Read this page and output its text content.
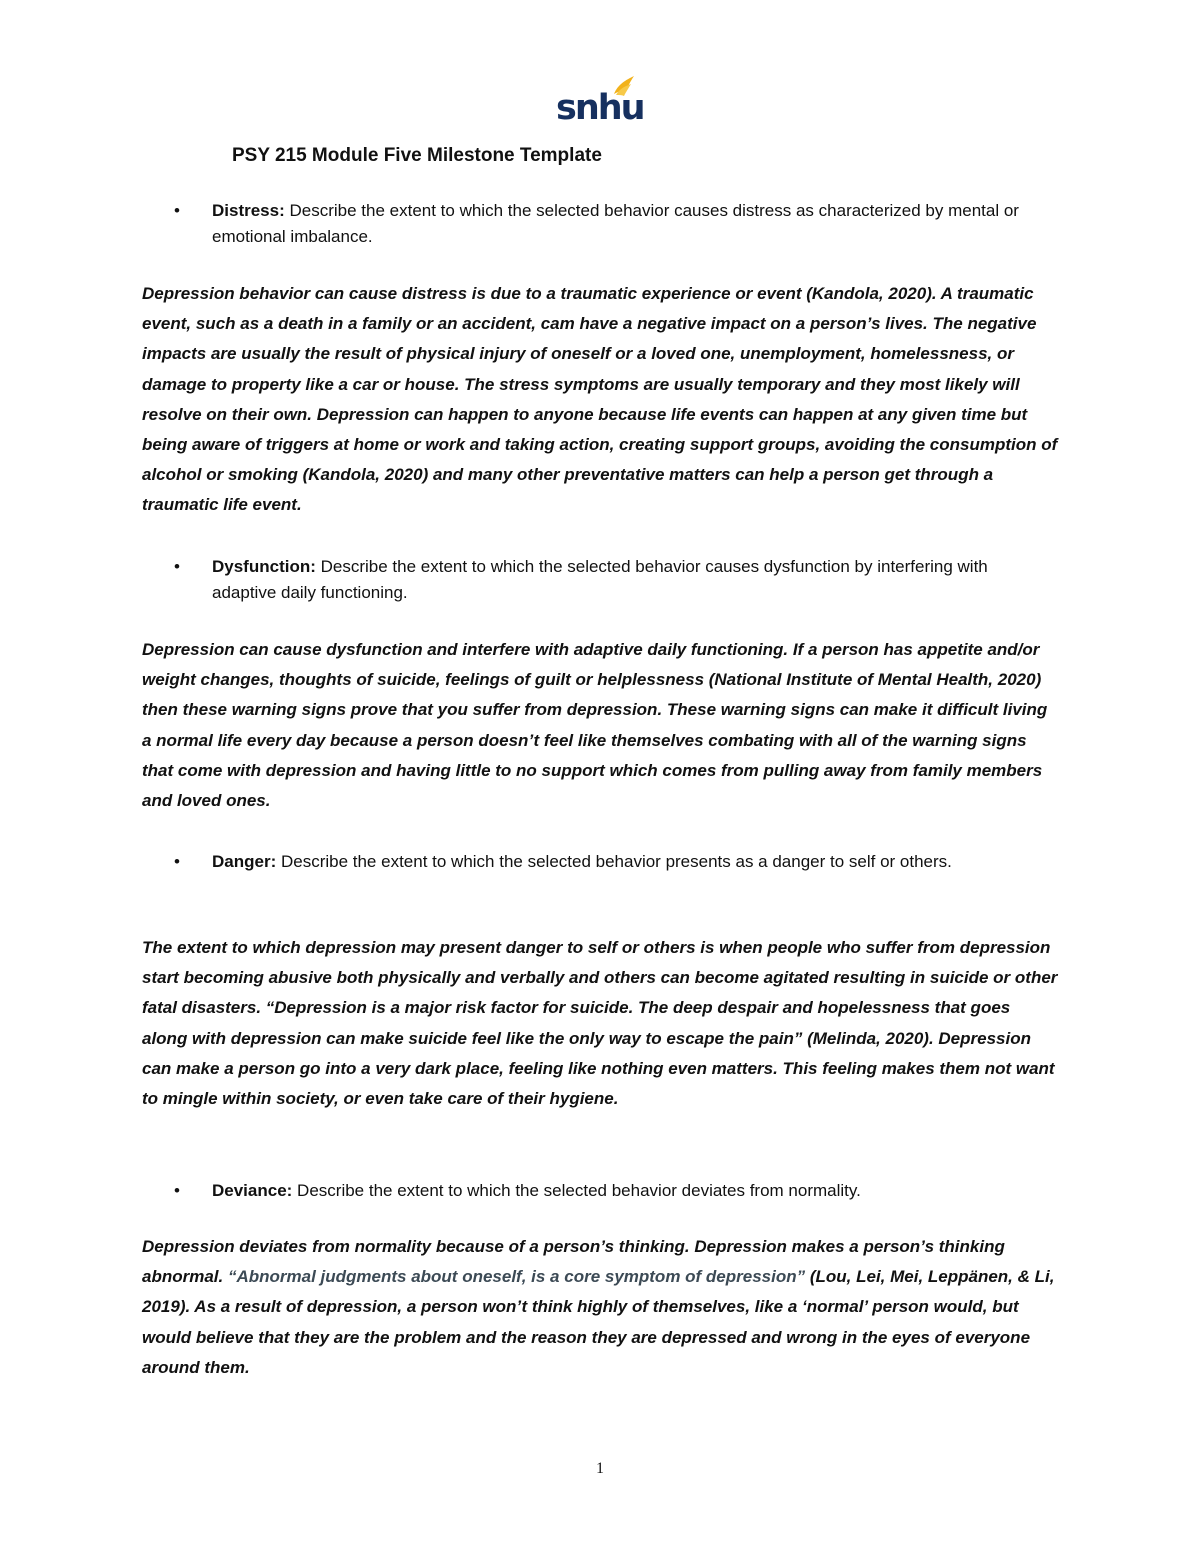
snhu
PSY 215 Module Five Milestone Template
• Distress: Describe the extent to which the selected behavior causes distress as characterized by mental or emotional imbalance.
Depression behavior can cause distress is due to a traumatic experience or event (Kandola, 2020). A traumatic event, such as a death in a family or an accident, cam have a negative impact on a person’s lives. The negative impacts are usually the result of physical injury of oneself or a loved one, unemployment, homelessness, or damage to property like a car or house. The stress symptoms are usually temporary and they most likely will resolve on their own. Depression can happen to anyone because life events can happen at any given time but being aware of triggers at home or work and taking action, creating support groups, avoiding the consumption of alcohol or smoking (Kandola, 2020) and many other preventative matters can help a person get through a traumatic life event.
• Dysfunction: Describe the extent to which the selected behavior causes dysfunction by interfering with adaptive daily functioning.
Depression can cause dysfunction and interfere with adaptive daily functioning. If a person has appetite and/or weight changes, thoughts of suicide, feelings of guilt or helplessness (National Institute of Mental Health, 2020) then these warning signs prove that you suffer from depression. These warning signs can make it difficult living a normal life every day because a person doesn’t feel like themselves combating with all of the warning signs that come with depression and having little to no support which comes from pulling away from family members and loved ones.
• Danger: Describe the extent to which the selected behavior presents as a danger to self or others.
The extent to which depression may present danger to self or others is when people who suffer from depression start becoming abusive both physically and verbally and others can become agitated resulting in suicide or other fatal disasters. “Depression is a major risk factor for suicide. The deep despair and hopelessness that goes along with depression can make suicide feel like the only way to escape the pain” (Melinda, 2020). Depression can make a person go into a very dark place, feeling like nothing even matters. This feeling makes them not want to mingle within society, or even take care of their hygiene.
• Deviance: Describe the extent to which the selected behavior deviates from normality.
Depression deviates from normality because of a person’s thinking. Depression makes a person’s thinking abnormal. “Abnormal judgments about oneself, is a core symptom of depression” (Lou, Lei, Mei, Leppänen, & Li, 2019). As a result of depression, a person won’t think highly of themselves, like a ‘normal’ person would, but would believe that they are the problem and the reason they are depressed and wrong in the eyes of everyone around them.
1
